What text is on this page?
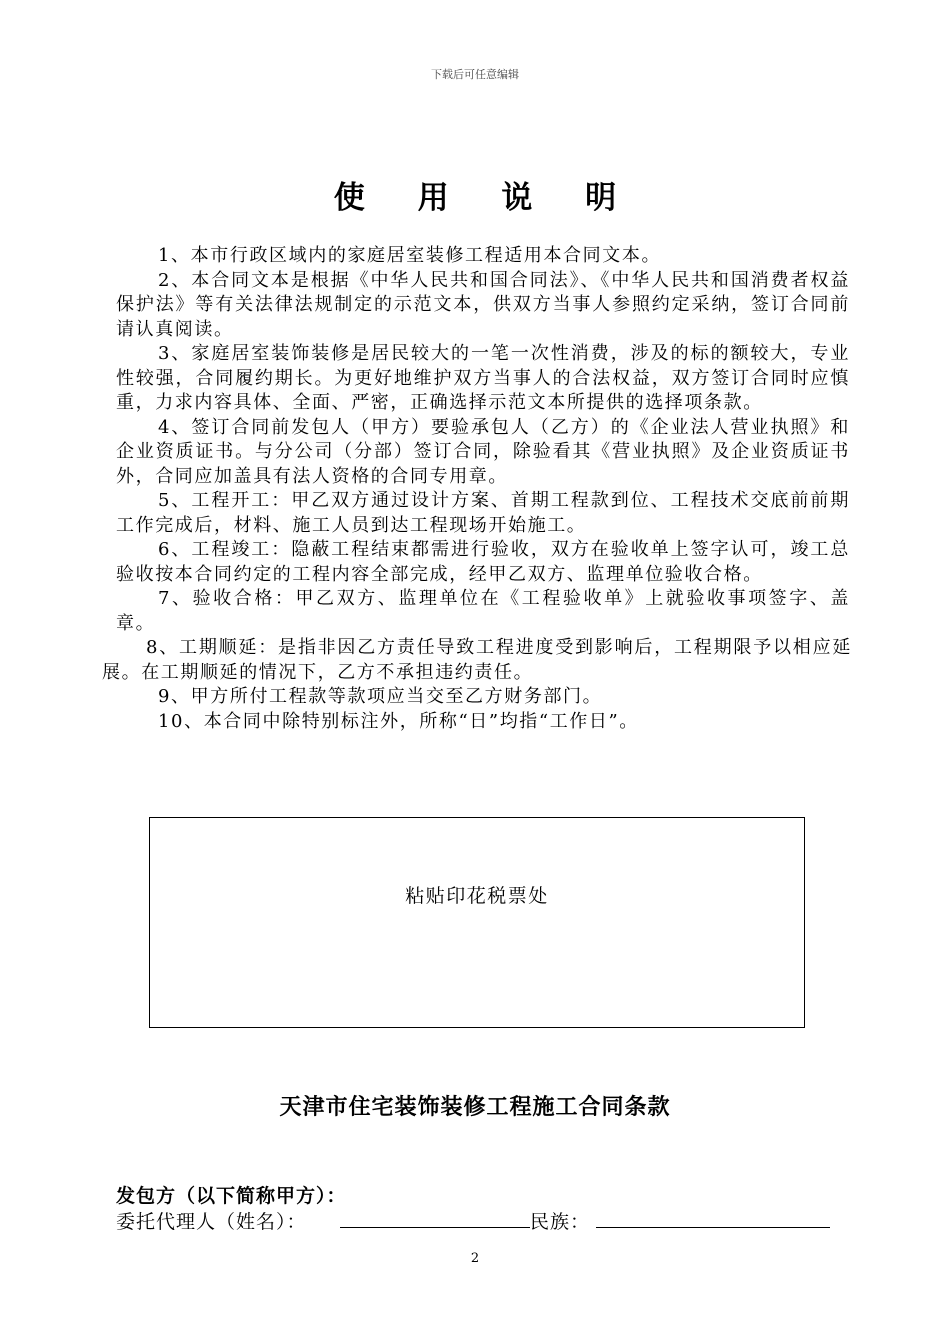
下载后可任意编辑
使 用 说 明

1、本市行政区域内的家庭居室装修工程适用本合同文本。

2、本合同文本是根据《中华人民共和国合同法》、《中华人民共和国消费者权益保护法》等有关法律法规制定的示范文本，供双方当事人参照约定采纳，签订合同前请认真阅读。

3、家庭居室装饰装修是居民较大的一笔一次性消费，涉及的标的额较大，专业性较强，合同履约期长。为更好地维护双方当事人的合法权益，双方签订合同时应慎重，力求内容具体、全面、严密，正确选择示范文本所提供的选择项条款。

4、签订合同前发包人（甲方）要验承包人（乙方）的《企业法人营业执照》和企业资质证书。与分公司（分部）签订合同，除验看其《营业执照》及企业资质证书外，合同应加盖具有法人资格的合同专用章。

5、工程开工：甲乙双方通过设计方案、首期工程款到位、工程技术交底前前期工作完成后，材料、施工人员到达工程现场开始施工。

6、工程竣工：隐蔽工程结束都需进行验收，双方在验收单上签字认可，竣工总验收按本合同约定的工程内容全部完成，经甲乙双方、监理单位验收合格。

7、验收合格：甲乙双方、监理单位在《工程验收单》上就验收事项签字、盖章。

8、工期顺延：是指非因乙方责任导致工程进度受到影响后，工程期限予以相应延展。在工期顺延的情况下，乙方不承担违约责任。

9、甲方所付工程款等款项应当交至乙方财务部门。

10、本合同中除特别标注外，所称“日”均指“工作日”。

粘贴印花税票处
天津市住宅装饰装修工程施工合同条款
发包方（以下简称甲方）：
委托代理人（姓名）：	民族：
2
